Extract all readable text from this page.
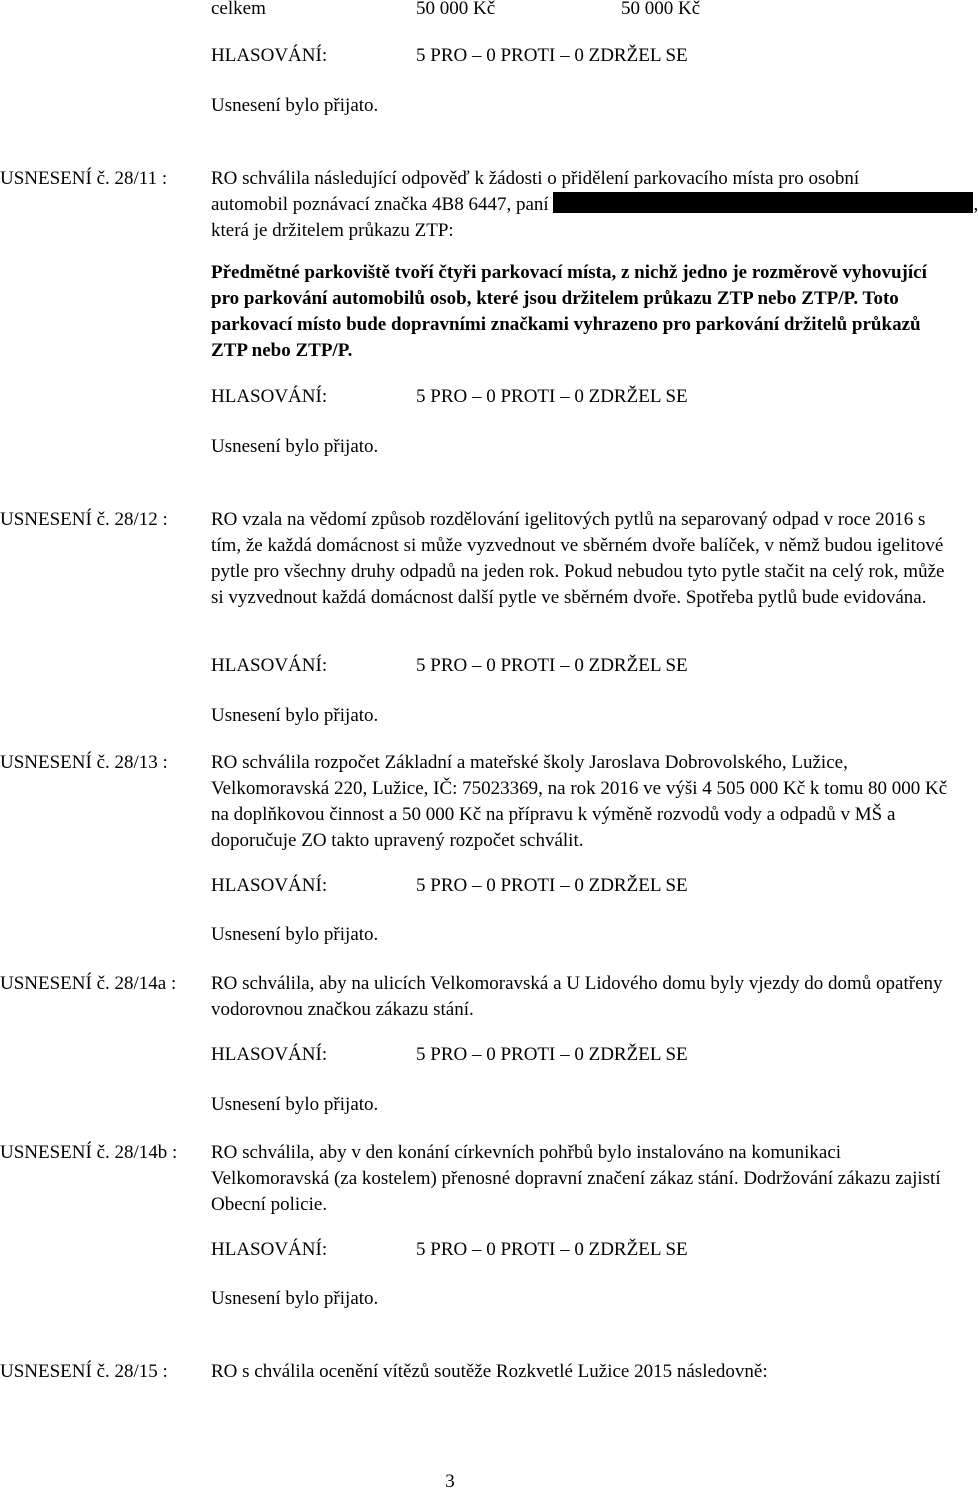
celkem	50 000 Kč	50 000 Kč
HLASOVÁNÍ:	5 PRO – 0 PROTI – 0 ZDRŽEL SE
Usnesení bylo přijato.
USNESENÍ č. 28/11 : RO schválila následující odpověď k žádosti o přidělení parkovacího místa pro osobní
automobil poznávací značka 4B8 6447, paní	,
která je držitelem průkazu ZTP:
Předmětné parkoviště tvoří čtyři parkovací místa, z nichž jedno je rozměrově vyhovující pro parkování automobilů osob, které jsou držitelem průkazu ZTP nebo ZTP/P. Toto parkovací místo bude dopravními značkami vyhrazeno pro parkování držitelů průkazů ZTP nebo ZTP/P.
HLASOVÁNÍ:	5 PRO – 0 PROTI – 0 ZDRŽEL SE
Usnesení bylo přijato.
USNESENÍ č. 28/12 : RO vzala na vědomí způsob rozdělování igelitových pytlů na separovaný odpad v roce 2016 s tím, že každá domácnost si může vyzvednout ve sběrném dvoře balíček, v němž budou igelitové pytle pro všechny druhy odpadů na jeden rok. Pokud nebudou tyto pytle stačit na celý rok, může si vyzvednout každá domácnost další pytle ve sběrném dvoře. Spotřeba pytlů bude evidována.
HLASOVÁNÍ:	5 PRO – 0 PROTI – 0 ZDRŽEL SE
Usnesení bylo přijato.
USNESENÍ č. 28/13 : RO schválila rozpočet Základní a mateřské školy Jaroslava Dobrovolského, Lužice, Velkomoravská 220, Lužice, IČ: 75023369, na rok 2016 ve výši 4 505 000 Kč k tomu 80 000 Kč na doplňkovou činnost a 50 000 Kč na přípravu k výměně rozvodů vody a odpadů v MŠ a doporučuje ZO takto upravený rozpočet schválit.
HLASOVÁNÍ:	5 PRO – 0 PROTI – 0 ZDRŽEL SE
Usnesení bylo přijato.
USNESENÍ č. 28/14a : RO schválila, aby na ulicích Velkomoravská a U Lidového domu byly vjezdy do domů opatřeny vodorovnou značkou zákazu stání.
HLASOVÁNÍ:	5 PRO – 0 PROTI – 0 ZDRŽEL SE
Usnesení bylo přijato.
USNESENÍ č. 28/14b : RO schválila, aby v den konání církevních pohřbů bylo instalováno na komunikaci Velkomoravská (za kostelem) přenosné dopravní značení zákaz stání. Dodržování zákazu zajistí Obecní policie.
HLASOVÁNÍ:	5 PRO – 0 PROTI – 0 ZDRŽEL SE
Usnesení bylo přijato.
USNESENÍ č. 28/15 : RO s chválila ocenění vítězů soutěže Rozkvetlé Lužice 2015 následovně:
3
